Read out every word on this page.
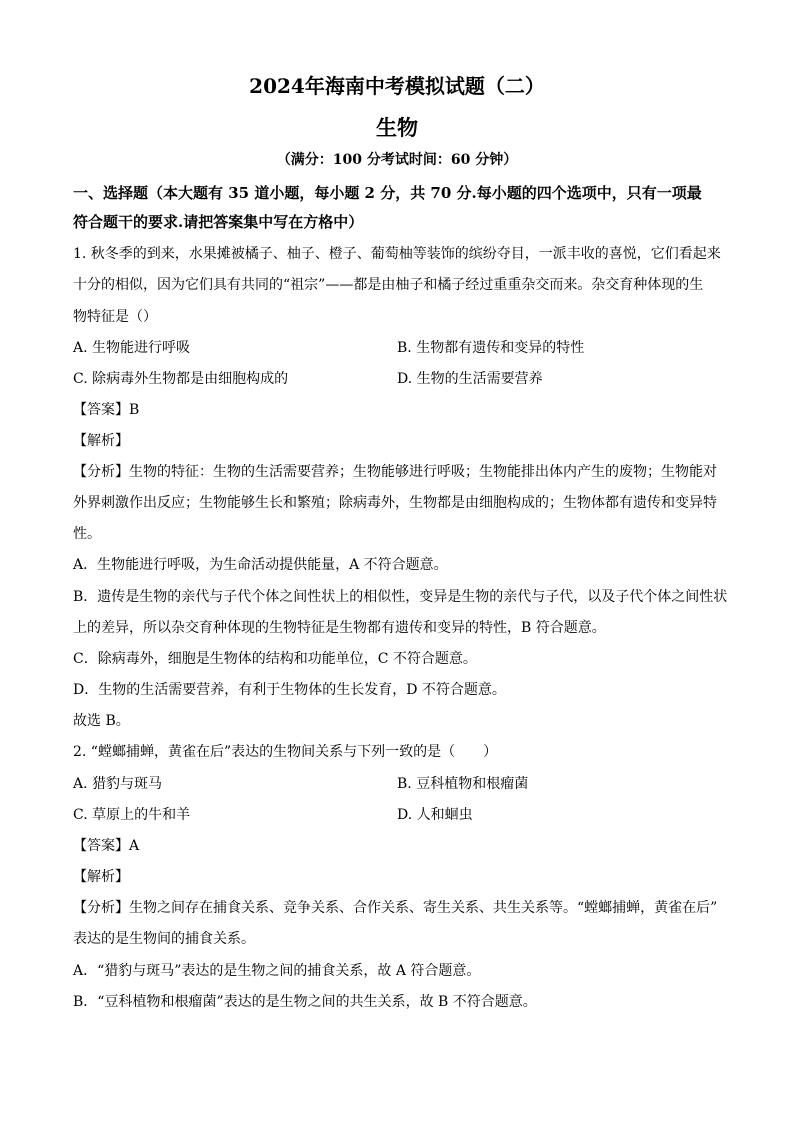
2024年海南中考模拟试题（二）
生物
（满分：100 分考试时间：60 分钟）
一、选择题（本大题有 35 道小题，每小题 2 分，共 70 分.每小题的四个选项中，只有一项最
符合题干的要求.请把答案集中写在方格中）
1. 秋冬季的到来，水果摊被橘子、柚子、橙子、葡萄柚等装饰的缤纷夺目，一派丰收的喜悦，它们看起来
十分的相似，因为它们具有共同的“祖宗”——都是由柚子和橘子经过重重杂交而来。杂交育种体现的生
物特征是（）
A. 生物能进行呼吸	B. 生物都有遗传和变异的特性
C. 除病毒外生物都是由细胞构成的	D. 生物的生活需要营养
【答案】B
【解析】
【分析】生物的特征：生物的生活需要营养；生物能够进行呼吸；生物能排出体内产生的废物；生物能对
外界刺激作出反应；生物能够生长和繁殖；除病毒外，生物都是由细胞构成的；生物体都有遗传和变异特
性。
A．生物能进行呼吸，为生命活动提供能量，A 不符合题意。
B．遗传是生物的亲代与子代个体之间性状上的相似性，变异是生物的亲代与子代，以及子代个体之间性状
上的差异，所以杂交育种体现的生物特征是生物都有遗传和变异的特性，B 符合题意。
C．除病毒外，细胞是生物体的结构和功能单位，C 不符合题意。
D．生物的生活需要营养，有利于生物体的生长发育，D 不符合题意。
故选 B。
2. “螳螂捕蝉，黄雀在后”表达的生物间关系与下列一致的是（　　）
A. 猎豹与斑马	B. 豆科植物和根瘤菌
C. 草原上的牛和羊	D. 人和蛔虫
【答案】A
【解析】
【分析】生物之间存在捕食关系、竞争关系、合作关系、寄生关系、共生关系等。“螳螂捕蝉，黄雀在后”
表达的是生物间的捕食关系。
A．“猎豹与斑马”表达的是生物之间的捕食关系，故 A 符合题意。
B．“豆科植物和根瘤菌”表达的是生物之间的共生关系，故 B 不符合题意。
